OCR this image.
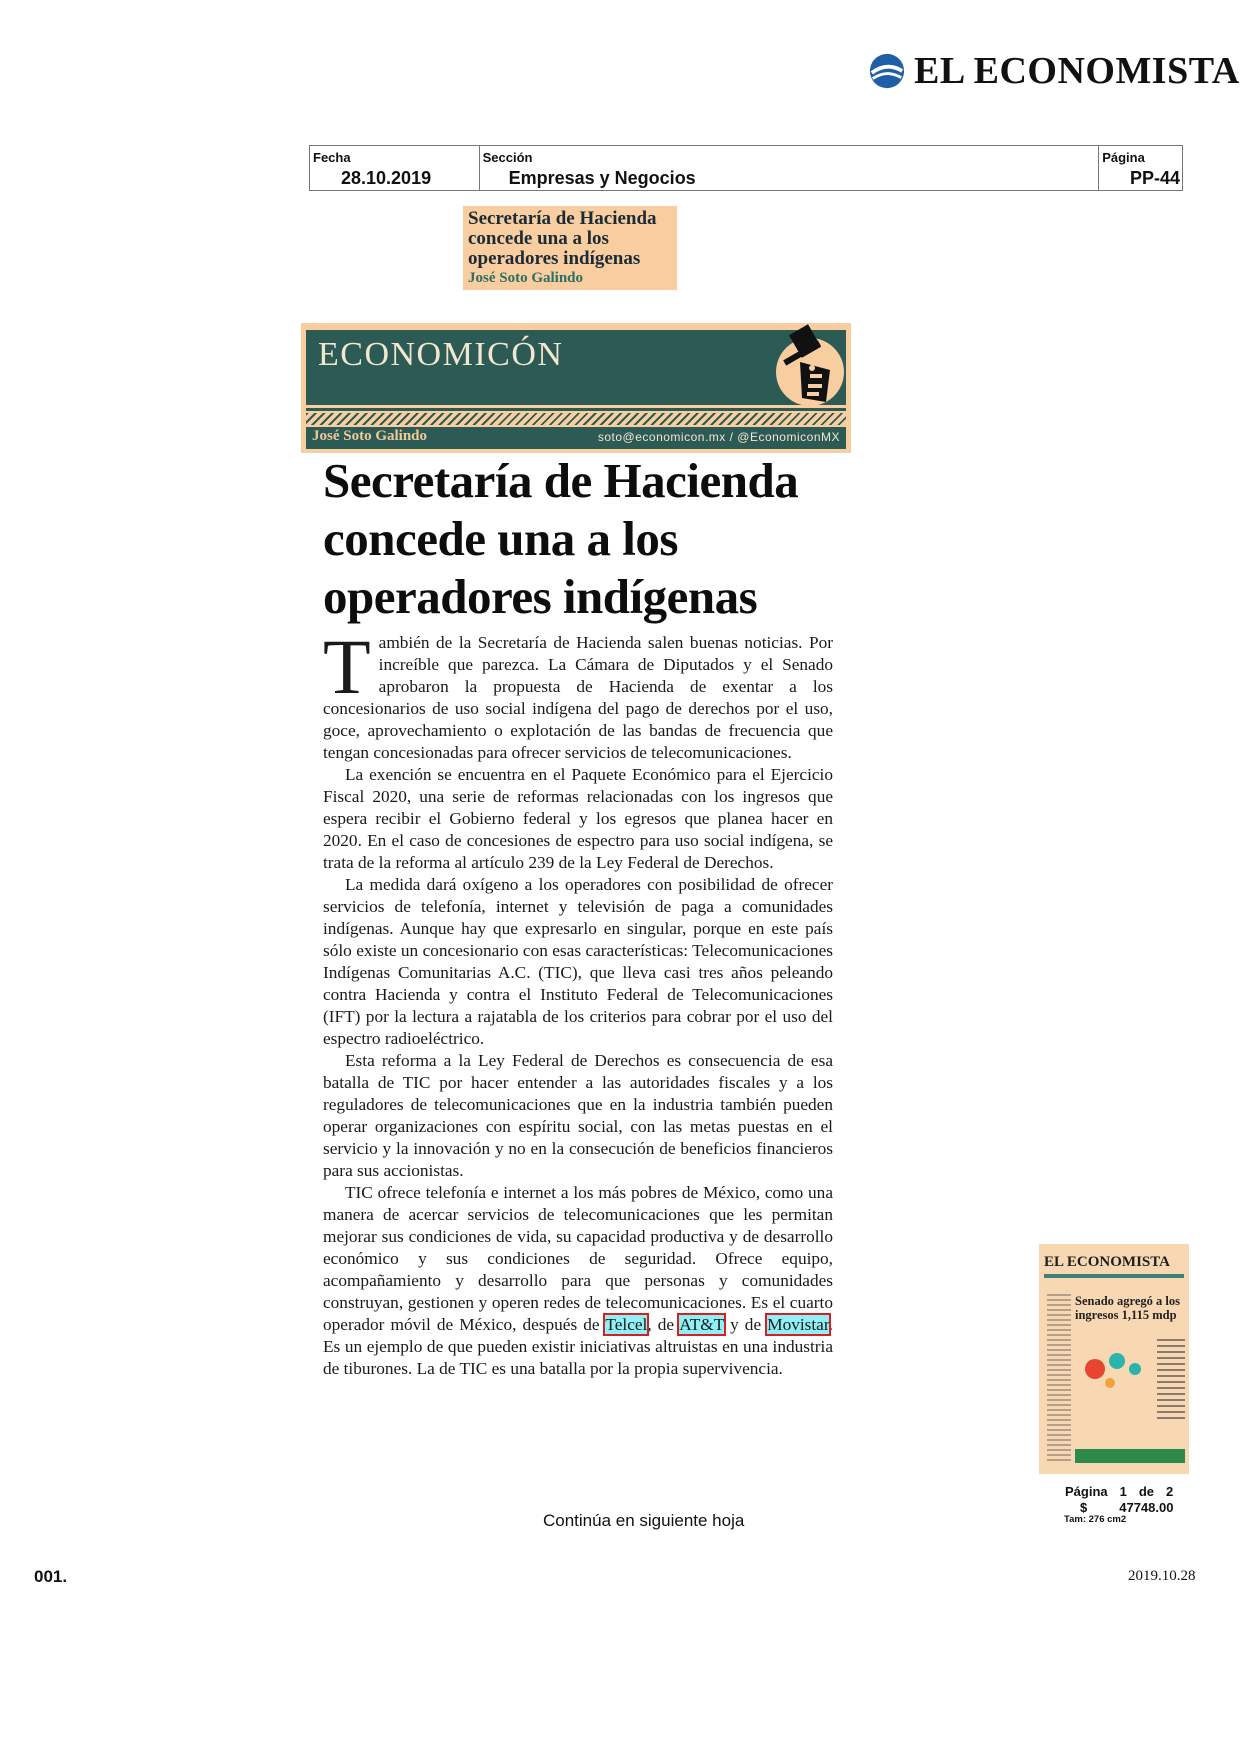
EL ECONOMISTA
Fecha
28.10.2019
Sección
Empresas y Negocios
Página
PP-44
Secretaría de Hacienda concede una a los operadores indígenas
José Soto Galindo
ECONOMICÓN
José Soto Galindo	soto@economicon.mx / @EconomiconMX
Secretaría de Hacienda concede una a los operadores indígenas

También de la Secretaría de Hacienda salen buenas noticias. Por increíble que parezca. La Cámara de Diputados y el Senado aprobaron la propuesta de Hacienda de exentar a los concesionarios de uso social indígena del pago de derechos por el uso, goce, aprovechamiento o explotación de las bandas de frecuencia que tengan concesionadas para ofrecer servicios de telecomunicaciones.

La exención se encuentra en el Paquete Económico para el Ejercicio Fiscal 2020, una serie de reformas relacionadas con los ingresos que espera recibir el Gobierno federal y los egresos que planea hacer en 2020. En el caso de concesiones de espectro para uso social indígena, se trata de la reforma al artículo 239 de la Ley Federal de Derechos.

La medida dará oxígeno a los operadores con posibilidad de ofrecer servicios de telefonía, internet y televisión de paga a comunidades indígenas. Aunque hay que expresarlo en singular, porque en este país sólo existe un concesionario con esas características: Telecomunicaciones Indígenas Comunitarias A.C. (TIC), que lleva casi tres años peleando contra Hacienda y contra el Instituto Federal de Telecomunicaciones (IFT) por la lectura a rajatabla de los criterios para cobrar por el uso del espectro radioeléctrico.

Esta reforma a la Ley Federal de Derechos es consecuencia de esa batalla de TIC por hacer entender a las autoridades fiscales y a los reguladores de telecomunicaciones que en la industria también pueden operar organizaciones con espíritu social, con las metas puestas en el servicio y la innovación y no en la consecución de beneficios financieros para sus accionistas.

TIC ofrece telefonía e internet a los más pobres de México, como una manera de acercar servicios de telecomunicaciones que les permitan mejorar sus condiciones de vida, su capacidad productiva y de desarrollo económico y sus condiciones de seguridad. Ofrece equipo, acompañamiento y desarrollo para que personas y comunidades construyan, gestionen y operen redes de telecomunicaciones. Es el cuarto operador móvil de México, después de Telcel, de AT&T y de Movistar. Es un ejemplo de que pueden existir iniciativas altruistas en una industria de tiburones. La de TIC es una batalla por la propia supervivencia.

Continúa en siguiente hoja
EL ECONOMISTA
Senado agregó a los ingresos 1,115 mdp
Página 1 de 2
$ 47748.00
Tam: 276 cm2
001.	2019.10.28
